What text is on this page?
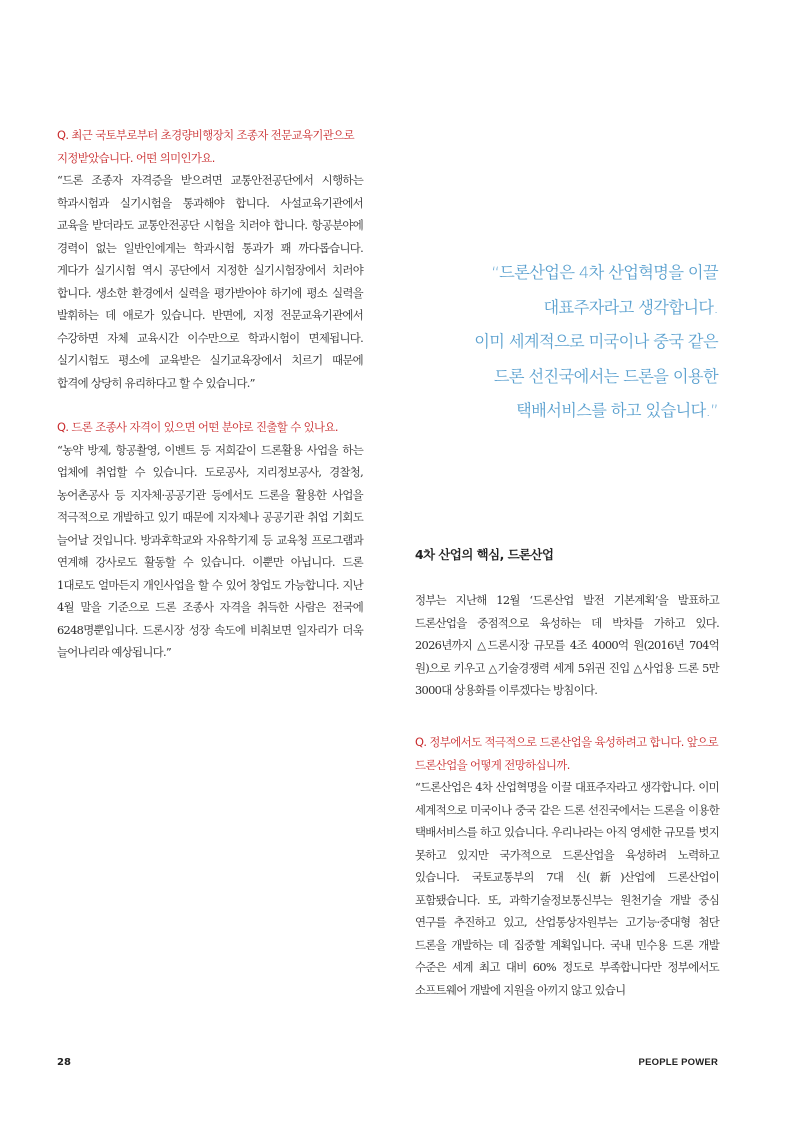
Q. 최근 국토부로부터 초경량비행장치 조종자 전문교육기관으로 지정받았습니다. 어떤 의미인가요.

“드론 조종자 자격증을 받으려면 교통안전공단에서 시행하는 학과시험과 실기시험을 통과해야 합니다. 사설교육기관에서 교육을 받더라도 교통안전공단 시험을 치러야 합니다. 항공분야에 경력이 없는 일반인에게는 학과시험 통과가 꽤 까다롭습니다. 게다가 실기시험 역시 공단에서 지정한 실기시험장에서 치러야 합니다. 생소한 환경에서 실력을 평가받아야 하기에 평소 실력을 발휘하는 데 애로가 있습니다. 반면에, 지정 전문교육기관에서 수강하면 자체 교육시간 이수만으로 학과시험이 면제됩니다. 실기시험도 평소에 교육받은 실기교육장에서 치르기 때문에 합격에 상당히 유리하다고 할 수 있습니다.”

Q. 드론 조종사 자격이 있으면 어떤 분야로 진출할 수 있나요.

“농약 방제, 항공촬영, 이벤트 등 저희같이 드론활용 사업을 하는 업체에 취업할 수 있습니다. 도로공사, 지리정보공사, 경찰청, 농어촌공사 등 지자체·공공기관 등에서도 드론을 활용한 사업을 적극적으로 개발하고 있기 때문에 지자체나 공공기관 취업 기회도 늘어날 것입니다. 방과후학교와 자유학기제 등 교육청 프로그램과 연계해 강사로도 활동할 수 있습니다. 이뿐만 아닙니다. 드론 1대로도 얼마든지 개인사업을 할 수 있어 창업도 가능합니다. 지난 4월 말을 기준으로 드론 조종사 자격을 취득한 사람은 전국에 6248명뿐입니다. 드론시장 성장 속도에 비춰보면 일자리가 더욱 늘어나리라 예상됩니다.”

“드론산업은 4차 산업혁명을 이끌
대표주자라고 생각합니다.
이미 세계적으로 미국이나 중국 같은
드론 선진국에서는 드론을 이용한
택배서비스를 하고 있습니다.”
4차 산업의 핵심, 드론산업

정부는 지난해 12월 ‘드론산업 발전 기본계획’을 발표하고 드론산업을 중점적으로 육성하는 데 박차를 가하고 있다. 2026년까지 △드론시장 규모를 4조 4000억 원(2016년 704억 원)으로 키우고 △기술경쟁력 세계 5위권 진입 △사업용 드론 5만 3000대 상용화를 이루겠다는 방침이다.

Q. 정부에서도 적극적으로 드론산업을 육성하려고 합니다. 앞으로 드론산업을 어떻게 전망하십니까.

“드론산업은 4차 산업혁명을 이끌 대표주자라고 생각합니다. 이미 세계적으로 미국이나 중국 같은 드론 선진국에서는 드론을 이용한 택배서비스를 하고 있습니다. 우리나라는 아직 영세한 규모를 벗지 못하고 있지만 국가적으로 드론산업을 육성하려 노력하고 있습니다. 국토교통부의 7대 신(新)산업에 드론산업이 포함됐습니다. 또, 과학기술정보통신부는 원천기술 개발 중심 연구를 추진하고 있고, 산업통상자원부는 고기능·중대형 첨단 드론을 개발하는 데 집중할 계획입니다. 국내 민수용 드론 개발 수준은 세계 최고 대비 60% 정도로 부족합니다만 정부에서도 소프트웨어 개발에 지원을 아끼지 않고 있습니

28	PEOPLE POWER
